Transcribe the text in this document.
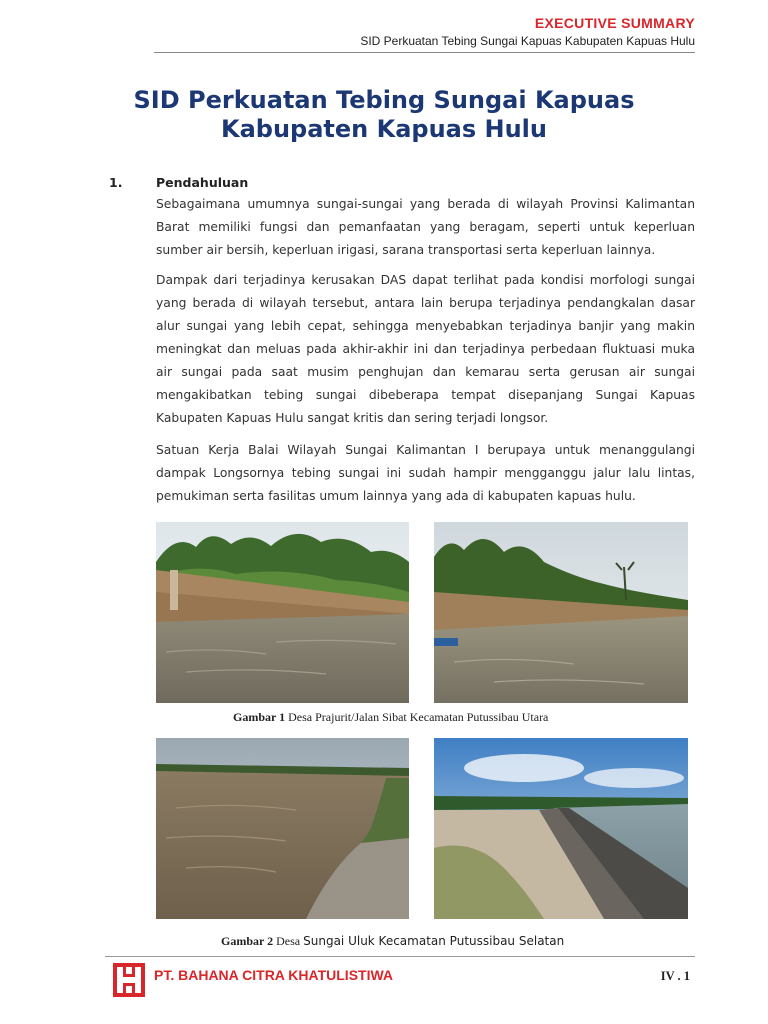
EXECUTIVE SUMMARY
SID Perkuatan Tebing Sungai Kapuas Kabupaten Kapuas Hulu
SID Perkuatan Tebing Sungai Kapuas
Kabupaten Kapuas Hulu
1.	Pendahuluan

Sebagaimana umumnya sungai-sungai yang berada di wilayah Provinsi Kalimantan Barat memiliki fungsi dan pemanfaatan yang beragam, seperti untuk keperluan sumber air bersih, keperluan irigasi, sarana transportasi serta keperluan lainnya.

Dampak dari terjadinya kerusakan DAS dapat terlihat pada kondisi morfologi sungai yang berada di wilayah tersebut, antara lain berupa terjadinya pendangkalan dasar alur sungai yang lebih cepat, sehingga menyebabkan terjadinya banjir yang makin meningkat dan meluas pada akhir-akhir ini dan terjadinya perbedaan fluktuasi muka air sungai pada saat musim penghujan dan kemarau serta gerusan air sungai mengakibatkan tebing sungai dibeberapa tempat disepanjang Sungai Kapuas Kabupaten Kapuas Hulu sangat kritis dan sering terjadi longsor.

Satuan Kerja Balai Wilayah Sungai Kalimantan I berupaya untuk menanggulangi dampak Longsornya tebing sungai ini sudah hampir mengganggu jalur lalu lintas, pemukiman serta fasilitas umum lainnya yang ada di kabupaten kapuas hulu.

Gambar 1 Desa Prajurit/Jalan Sibat Kecamatan Putussibau Utara
Gambar 2 Desa Sungai Uluk Kecamatan Putussibau Selatan
PT. BAHANA CITRA KHATULISTIWA	IV . 1
